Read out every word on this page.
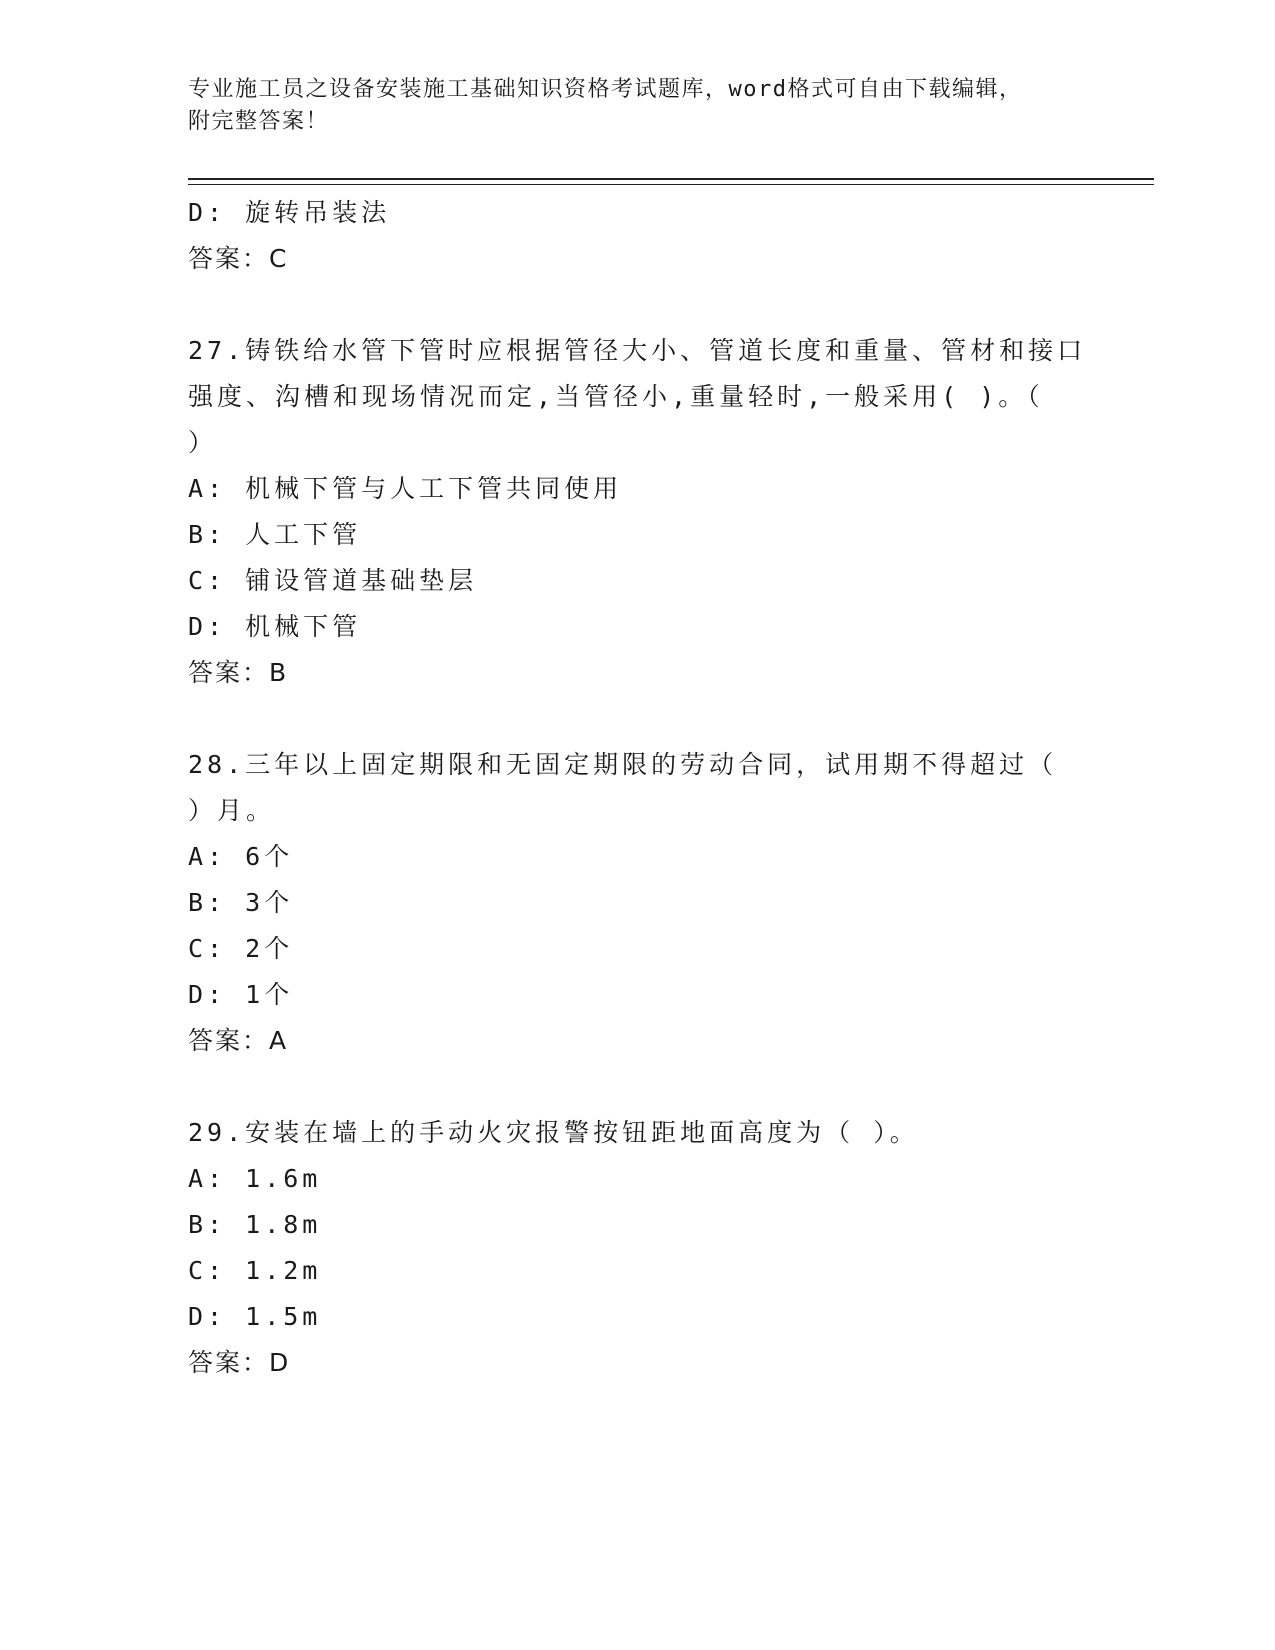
专业施工员之设备安装施工基础知识资格考试题库，word格式可自由下载编辑，
附完整答案！
D: 旋转吊装法
答案：C
27.铸铁给水管下管时应根据管径大小、管道长度和重量、管材和接口
强度、沟槽和现场情况而定,当管径小,重量轻时,一般采用( )。（
）
A: 机械下管与人工下管共同使用
B: 人工下管
C: 铺设管道基础垫层
D: 机械下管
答案：B
28.三年以上固定期限和无固定期限的劳动合同，试用期不得超过（
）月。
A: 6个
B: 3个
C: 2个
D: 1个
答案：A
29.安装在墙上的手动火灾报警按钮距地面高度为（ ）。
A: 1.6m
B: 1.8m
C: 1.2m
D: 1.5m
答案：D
